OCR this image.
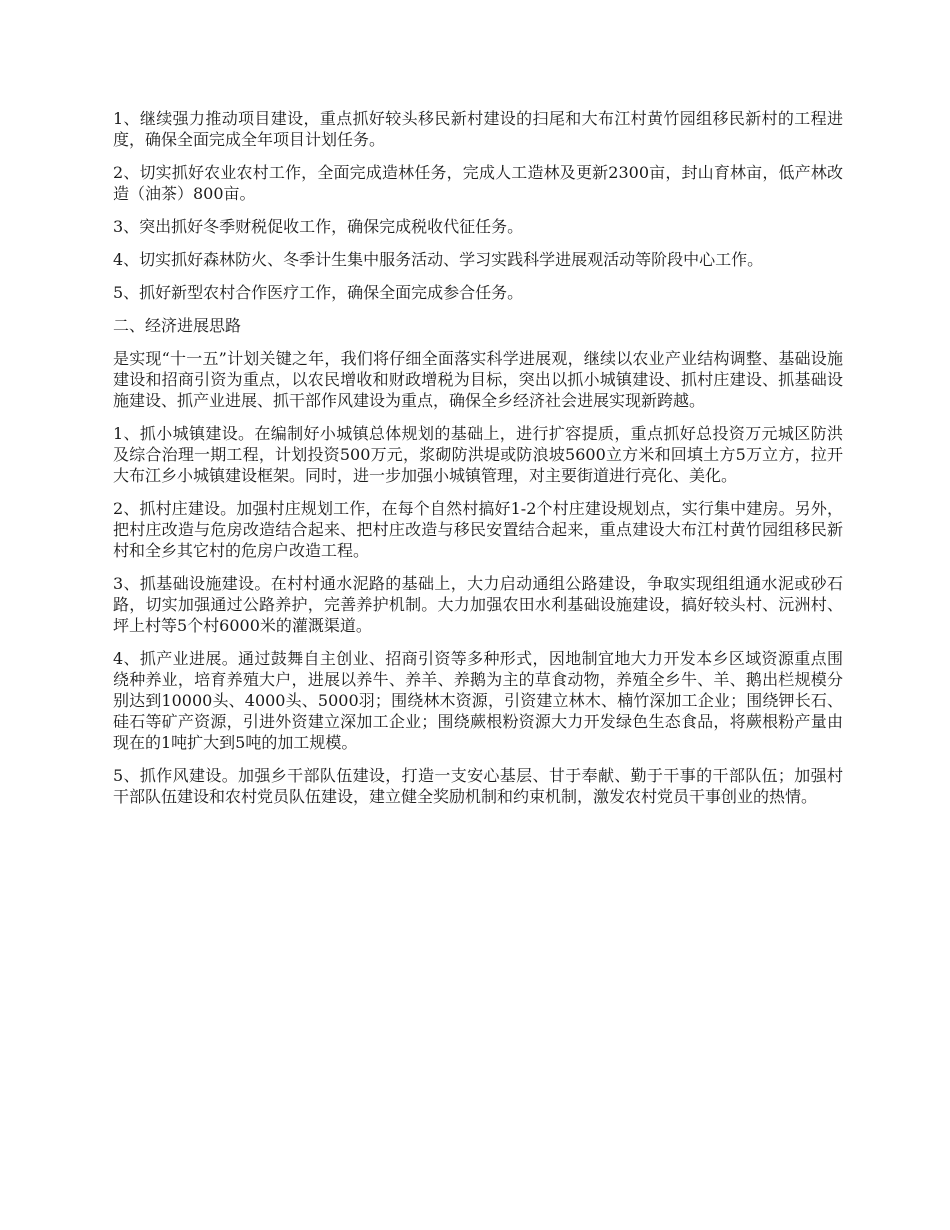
1、继续强力推动项目建设，重点抓好较头移民新村建设的扫尾和大布江村黄竹园组移民新村的工程进度，确保全面完成全年项目计划任务。

2、切实抓好农业农村工作，全面完成造林任务，完成人工造林及更新2300亩，封山育林亩，低产林改造（油茶）800亩。

3、突出抓好冬季财税促收工作，确保完成税收代征任务。

4、切实抓好森林防火、冬季计生集中服务活动、学习实践科学进展观活动等阶段中心工作。

5、抓好新型农村合作医疗工作，确保全面完成参合任务。

二、经济进展思路

是实现“十一五”计划关键之年，我们将仔细全面落实科学进展观，继续以农业产业结构调整、基础设施建设和招商引资为重点，以农民增收和财政增税为目标，突出以抓小城镇建设、抓村庄建设、抓基础设施建设、抓产业进展、抓干部作风建设为重点，确保全乡经济社会进展实现新跨越。

1、抓小城镇建设。在编制好小城镇总体规划的基础上，进行扩容提质，重点抓好总投资万元城区防洪及综合治理一期工程，计划投资500万元，浆砌防洪堤或防浪坡5600立方米和回填土方5万立方，拉开大布江乡小城镇建设框架。同时，进一步加强小城镇管理，对主要街道进行亮化、美化。

2、抓村庄建设。加强村庄规划工作，在每个自然村搞好1-2个村庄建设规划点，实行集中建房。另外，把村庄改造与危房改造结合起来、把村庄改造与移民安置结合起来，重点建设大布江村黄竹园组移民新村和全乡其它村的危房户改造工程。

3、抓基础设施建设。在村村通水泥路的基础上，大力启动通组公路建设，争取实现组组通水泥或砂石路，切实加强通过公路养护，完善养护机制。大力加强农田水利基础设施建设，搞好较头村、沅洲村、坪上村等5个村6000米的灌溉渠道。

4、抓产业进展。通过鼓舞自主创业、招商引资等多种形式，因地制宜地大力开发本乡区域资源重点围绕种养业，培育养殖大户，进展以养牛、养羊、养鹅为主的草食动物，养殖全乡牛、羊、鹅出栏规模分别达到10000头、4000头、5000羽；围绕林木资源，引资建立林木、楠竹深加工企业；围绕钾长石、硅石等矿产资源，引进外资建立深加工企业；围绕蕨根粉资源大力开发绿色生态食品，将蕨根粉产量由现在的1吨扩大到5吨的加工规模。

5、抓作风建设。加强乡干部队伍建设，打造一支安心基层、甘于奉献、勤于干事的干部队伍；加强村干部队伍建设和农村党员队伍建设，建立健全奖励机制和约束机制，激发农村党员干事创业的热情。
